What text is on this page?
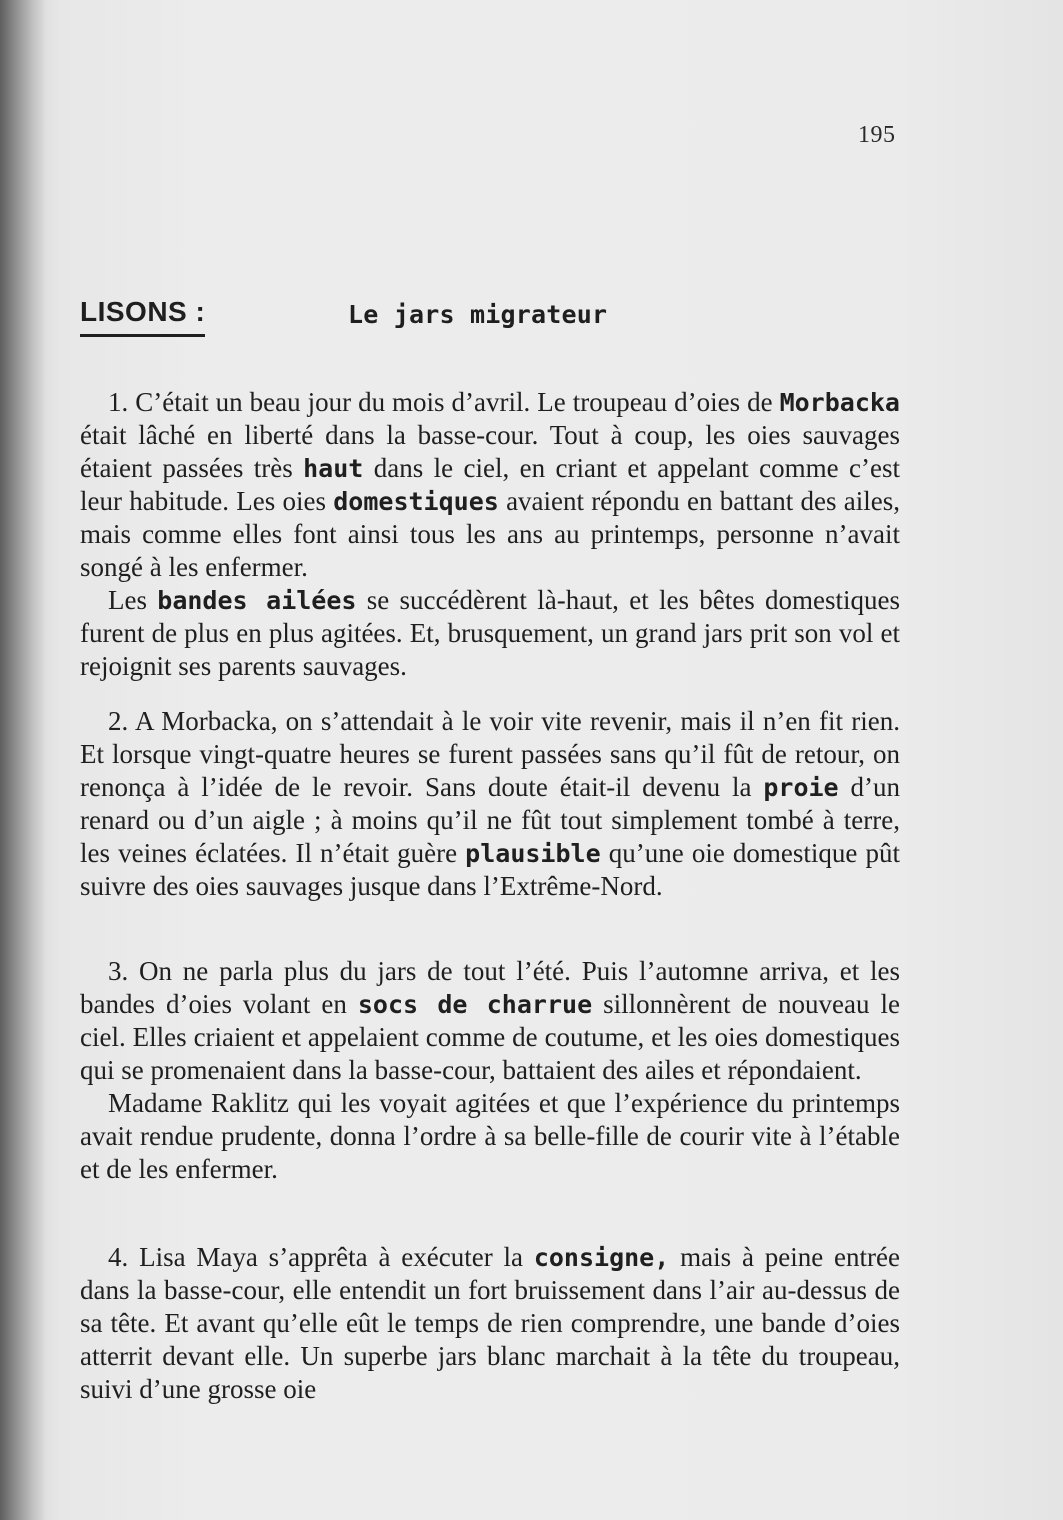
195
LISONS :	Le jars migrateur

1. C’était un beau jour du mois d’avril. Le troupeau d’oies de Morbacka était lâché en liberté dans la basse-cour. Tout à coup, les oies sauvages étaient passées très haut dans le ciel, en criant et appelant comme c’est leur habitude. Les oies domestiques avaient répondu en battant des ailes, mais comme elles font ainsi tous les ans au printemps, personne n’avait songé à les enfermer.

Les bandes ailées se succédèrent là-haut, et les bêtes domestiques furent de plus en plus agitées. Et, brusquement, un grand jars prit son vol et rejoignit ses parents sauvages.

2. A Morbacka, on s’attendait à le voir vite revenir, mais il n’en fit rien. Et lorsque vingt-quatre heures se furent passées sans qu’il fût de retour, on renonça à l’idée de le revoir. Sans doute était-il devenu la proie d’un renard ou d’un aigle ; à moins qu’il ne fût tout simplement tombé à terre, les veines éclatées. Il n’était guère plausible qu’une oie domestique pût suivre des oies sauvages jusque dans l’Extrême-Nord.

3. On ne parla plus du jars de tout l’été. Puis l’automne arriva, et les bandes d’oies volant en socs de charrue sillonnèrent de nouveau le ciel. Elles criaient et appelaient comme de coutume, et les oies domestiques qui se promenaient dans la basse-cour, battaient des ailes et répondaient.

Madame Raklitz qui les voyait agitées et que l’expérience du printemps avait rendue prudente, donna l’ordre à sa belle-fille de courir vite à l’étable et de les enfermer.

4. Lisa Maya s’apprêta à exécuter la consigne, mais à peine entrée dans la basse-cour, elle entendit un fort bruissement dans l’air au-dessus de sa tête. Et avant qu’elle eût le temps de rien comprendre, une bande d’oies atterrit devant elle. Un superbe jars blanc marchait à la tête du troupeau, suivi d’une grosse oie
